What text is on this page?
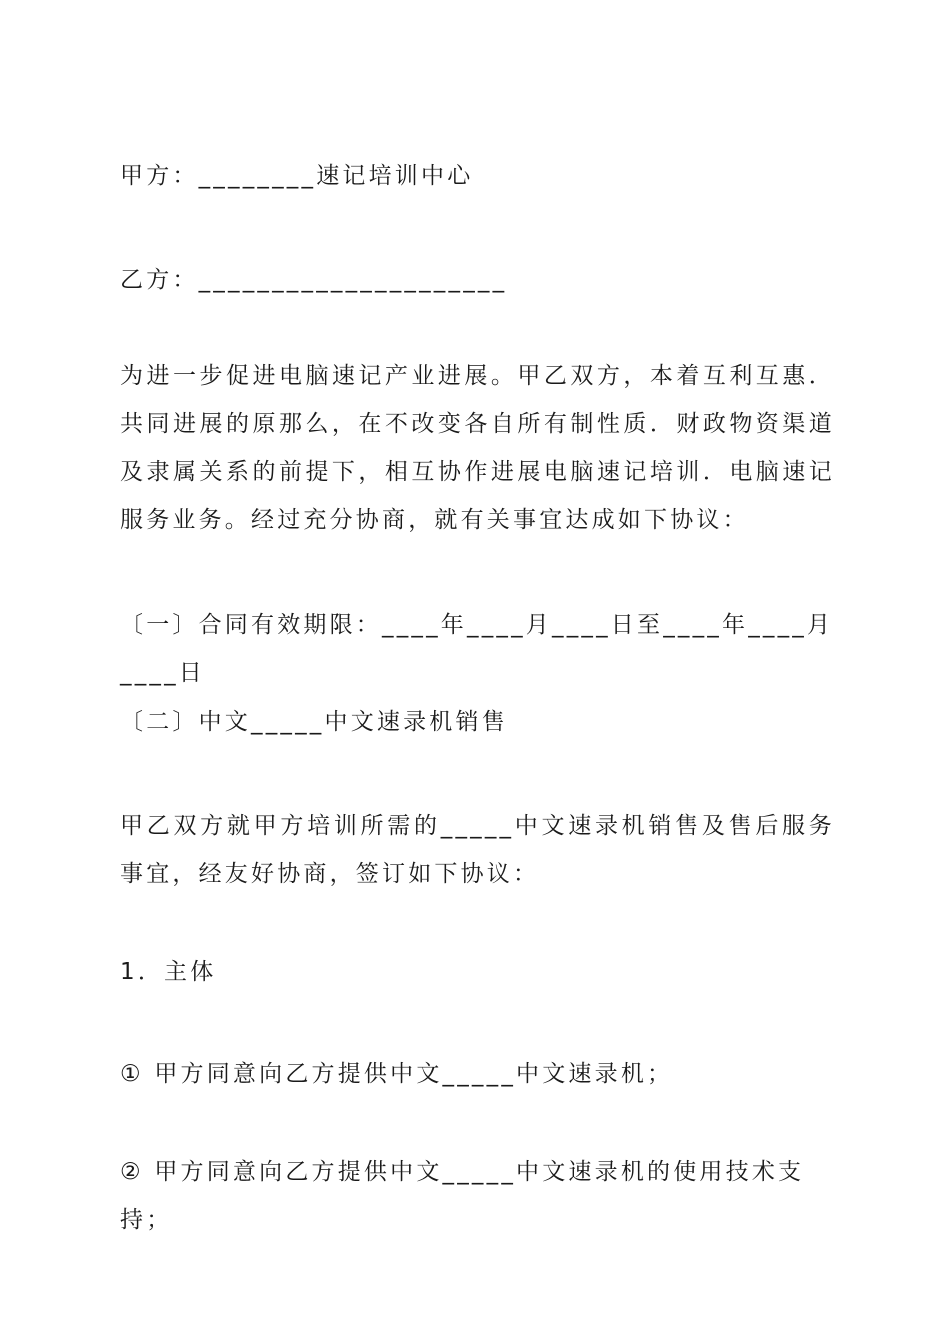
甲方：________速记培训中心

乙方：_____________________

为进一步促进电脑速记产业进展。甲乙双方，本着互利互惠．共同进展的原那么，在不改变各自所有制性质．财政物资渠道及隶属关系的前提下，相互协作进展电脑速记培训．电脑速记服务业务。经过充分协商，就有关事宜达成如下协议：

〔一〕合同有效期限：____年____月____日至____年____月____日

〔二〕中文_____中文速录机销售

甲乙双方就甲方培训所需的_____中文速录机销售及售后服务事宜，经友好协商，签订如下协议：

1．主体

① 甲方同意向乙方提供中文_____中文速录机；

② 甲方同意向乙方提供中文_____中文速录机的使用技术支持；
